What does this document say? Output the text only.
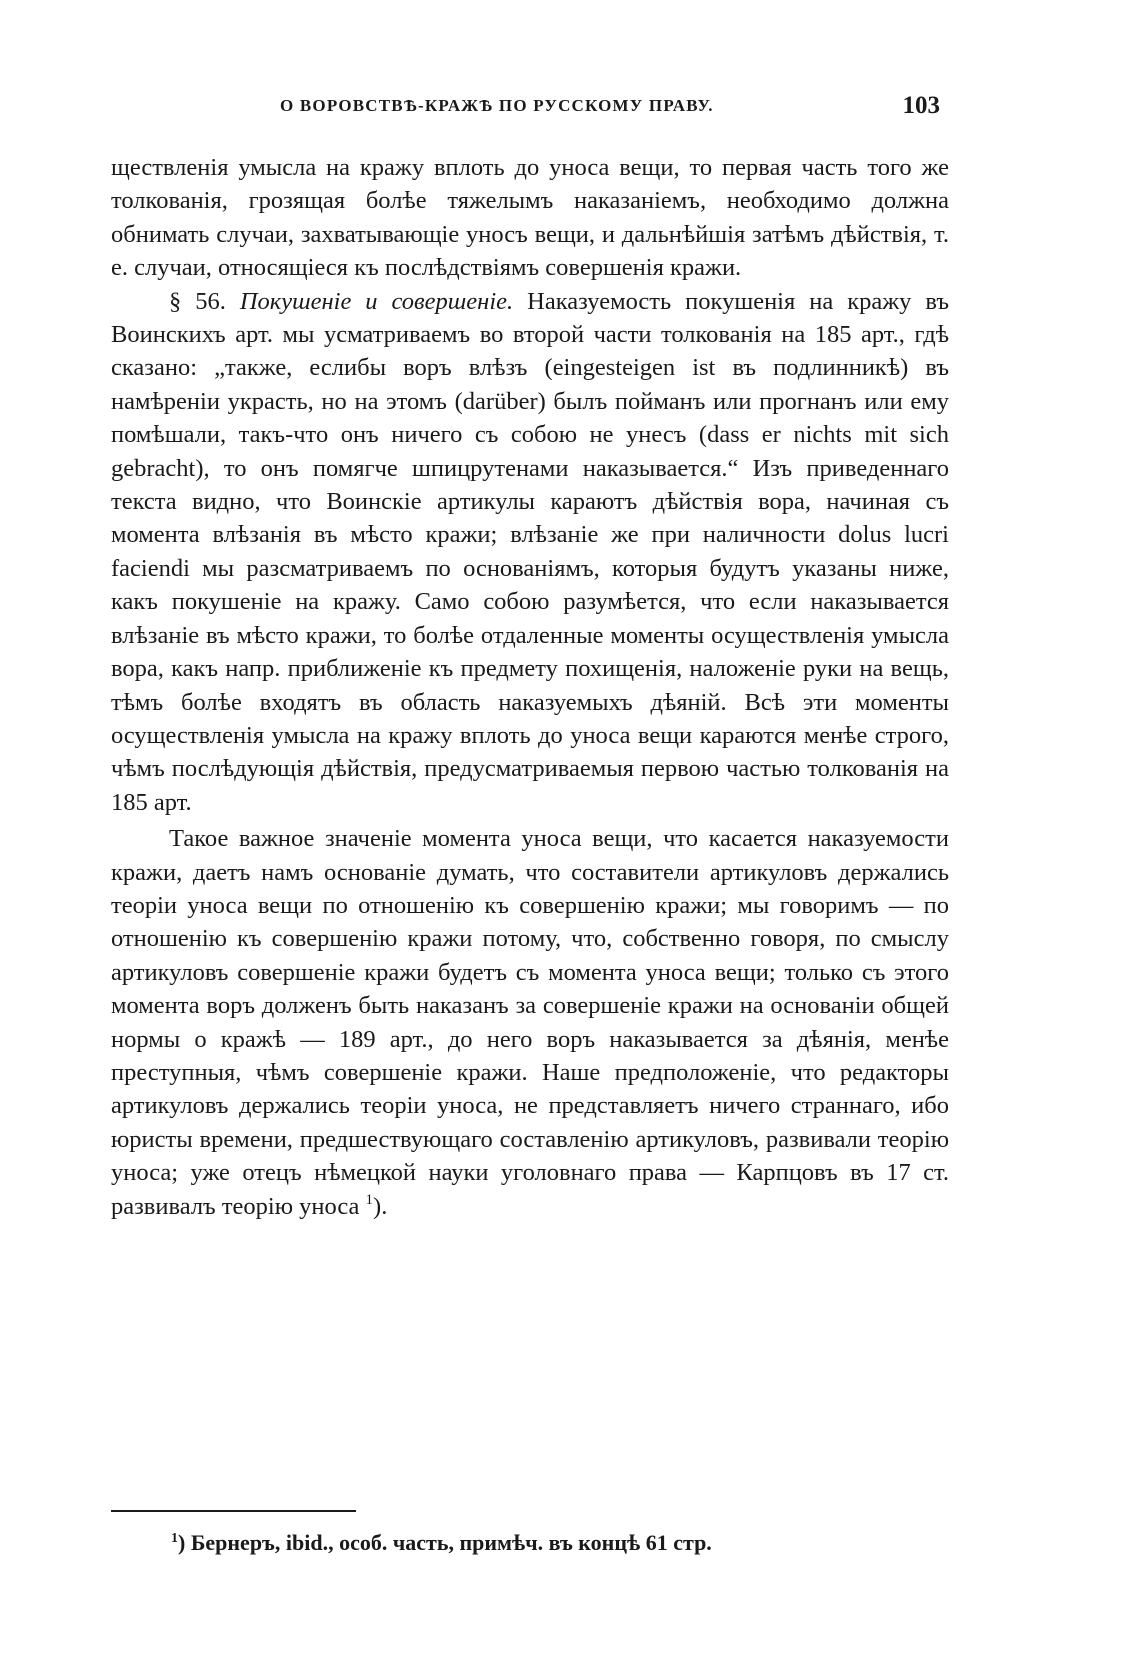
О ВОРОВСТВѢ-КРАЖѢ ПО РУССКОМУ ПРАВУ.	103

ществленія умысла на кражу вплоть до уноса вещи, то первая часть того же толкованія, грозящая болѣе тяжелымъ наказаніемъ, необходимо должна обнимать случаи, захватывающіе уносъ вещи, и дальнѣйшія затѣмъ дѣйствія, т. е. случаи, относящіеся къ послѣдствіямъ совершенія кражи.

§ 56. Покушеніе и совершеніе. Наказуемость покушенія на кражу въ Воинскихъ арт. мы усматриваемъ во второй части толкованія на 185 арт., гдѣ сказано: „также, еслибы воръ влѣзъ (eingesteigen ist въ подлинникѣ) въ намѣреніи украсть, но на этомъ (darüber) былъ пойманъ или прогнанъ или ему помѣшали, такъ-что онъ ничего съ собою не унесъ (dass er nichts mit sich gebracht), то онъ помягче шпицрутенами наказывается.“ Изъ приведеннаго текста видно, что Воинскіе артикулы караютъ дѣйствія вора, начиная съ момента влѣзанія въ мѣсто кражи; влѣзаніе же при наличности dolus lucri faciendi мы разсматриваемъ по основаніямъ, которыя будутъ указаны ниже, какъ покушеніе на кражу. Само собою разумѣется, что если наказывается влѣзаніе въ мѣсто кражи, то болѣе отдаленные моменты осуществленія умысла вора, какъ напр. приближеніе къ предмету похищенія, наложеніе руки на вещь, тѣмъ болѣе входятъ въ область наказуемыхъ дѣяній. Всѣ эти моменты осуществленія умысла на кражу вплоть до уноса вещи караются менѣе строго, чѣмъ послѣдующія дѣйствія, предусматриваемыя первою частью толкованія на 185 арт.

Такое важное значеніе момента уноса вещи, что касается наказуемости кражи, даетъ намъ основаніе думать, что составители артикуловъ держались теоріи уноса вещи по отношенію къ совершенію кражи; мы говоримъ — по отношенію къ совершенію кражи потому, что, собственно говоря, по смыслу артикуловъ совершеніе кражи будетъ съ момента уноса вещи; только съ этого момента воръ долженъ быть наказанъ за совершеніе кражи на основаніи общей нормы о кражѣ — 189 арт., до него воръ наказывается за дѣянія, менѣе преступныя, чѣмъ совершеніе кражи. Наше предположеніе, что редакторы артикуловъ держались теоріи уноса, не представляетъ ничего страннаго, ибо юристы времени, предшествующаго составленію артикуловъ, развивали теорію уноса; уже отецъ нѣмецкой науки уголовнаго права — Карпцовъ въ 17 ст. развивалъ теорію уноса $^1$).

$^1$) Бернеръ, ibid., особ. часть, примѣч. въ концѣ 61 стр.
